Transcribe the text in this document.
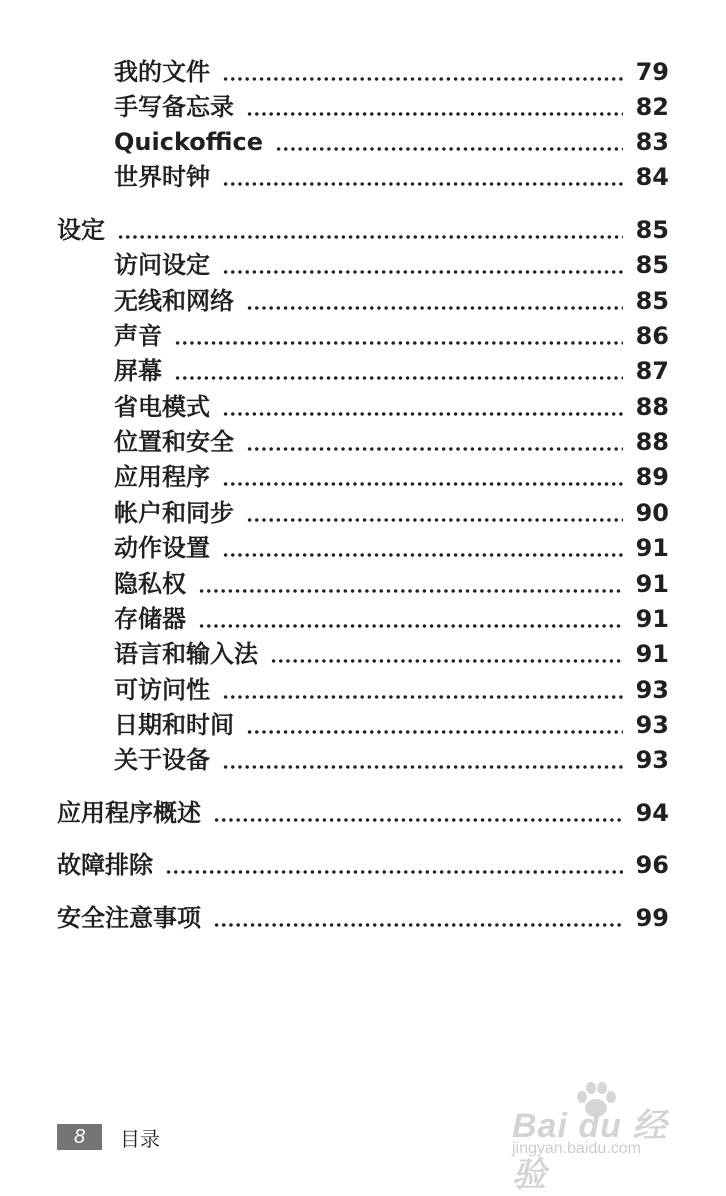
我的文件	79
手写备忘录	82
Quickoffice	83
世界时钟	84
设定	85
访问设定	85
无线和网络	85
声音	86
屏幕	87
省电模式	88
位置和安全	88
应用程序	89
帐户和同步	90
动作设置	91
隐私权	91
存储器	91
语言和输入法	91
可访问性	93
日期和时间	93
关于设备	93
应用程序概述	94
故障排除	96
安全注意事项	99
8 目录	Bai du 经验
jingyan.baidu.com
